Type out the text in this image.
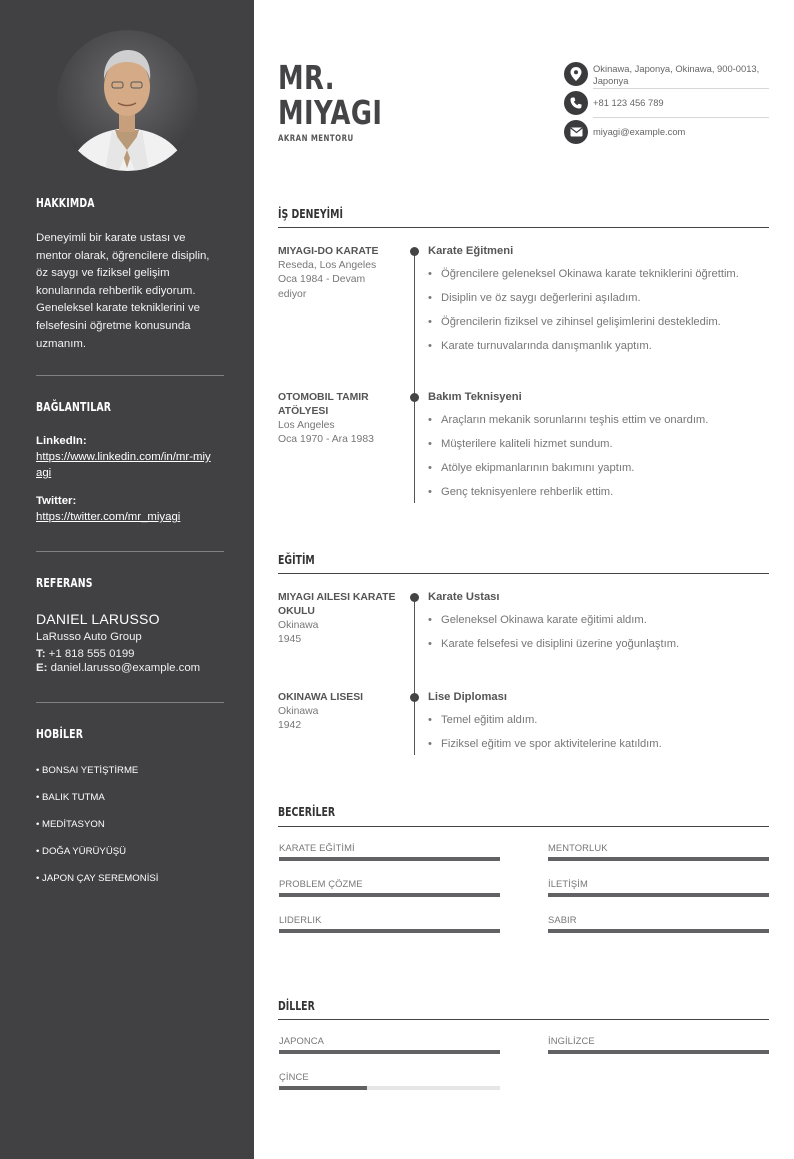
HAKKIMDA
Deneyimli bir karate ustası ve mentor olarak, öğrencilere disiplin, öz saygı ve fiziksel gelişim konularında rehberlik ediyorum. Geneleksel karate tekniklerini ve felsefesini öğretme konusunda uzmanım.
BAĞLANTILAR
LinkedIn:
https://www.linkedin.com/in/mr-miyagi
Twitter:
https://twitter.com/mr_miyagi
REFERANS
DANIEL LARUSSO
LaRusso Auto Group
T: +1 818 555 0199
E: daniel.larusso@example.com
HOBİLER
• BONSAI YETİŞTİRME
• BALIK TUTMA
• MEDİTASYON
• DOĞA YÜRÜYÜŞÜ
• JAPON ÇAY SEREMONİSİ
MR.
MIYAGI
AKRAN MENTORU
Okinawa, Japonya, Okinawa, 900-0013, Japonya
+81 123 456 789
miyagi@example.com
İŞ DENEYİMİ
MIYAGI-DO KARATE
Reseda, Los Angeles
Oca 1984 - Devam ediyor
Karate Eğitmeni
• Öğrencilere geleneksel Okinawa karate tekniklerini öğrettim.
• Disiplin ve öz saygı değerlerini aşıladım.
• Öğrencilerin fiziksel ve zihinsel gelişimlerini destekledim.
• Karate turnuvalarında danışmanlık yaptım.
OTOMOBIL TAMIR ATÖLYESI
Los Angeles
Oca 1970 - Ara 1983
Bakım Teknisyeni
• Araçların mekanik sorunlarını teşhis ettim ve onardım.
• Müşterilere kaliteli hizmet sundum.
• Atölye ekipmanlarının bakımını yaptım.
• Genç teknisyenlere rehberlik ettim.
EĞİTİM
MIYAGI AILESI KARATE OKULU
Okinawa
1945
Karate Ustası
• Geleneksel Okinawa karate eğitimi aldım.
• Karate felsefesi ve disiplini üzerine yoğunlaştım.
OKINAWA LISESI
Okinawa
1942
Lise Diploması
• Temel eğitim aldım.
• Fiziksel eğitim ve spor aktivitelerine katıldım.
BECERİLER
KARATE EĞİTİMİ	MENTORLUK
PROBLEM ÇÖZME	İLETİŞİM
LIDERLIK	SABIR
DİLLER
JAPONCA	İNGİLİZCE
ÇİNCE
